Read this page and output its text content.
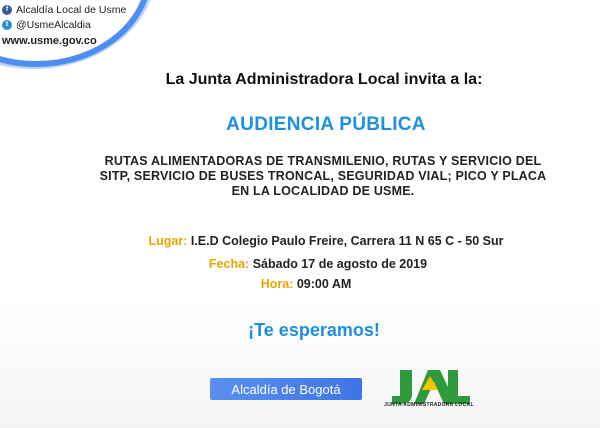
f Alcaldía Local de Usme
t @UsmeAlcaldia
www.usme.gov.co
La Junta Administradora Local invita a la:
AUDIENCIA PÚBLICA
RUTAS ALIMENTADORAS DE TRANSMILENIO, RUTAS Y SERVICIO DEL SITP, SERVICIO DE BUSES TRONCAL, SEGURIDAD VIAL; PICO Y PLACA EN LA LOCALIDAD DE USME.
Lugar: I.E.D Colegio Paulo Freire, Carrera 11 N 65 C - 50 Sur
Fecha: Sábado 17 de agosto de 2019
Hora: 09:00 AM
¡Te esperamos!
Alcaldía de Bogotá
JUNTA ADMINISTRADORA LOCAL
